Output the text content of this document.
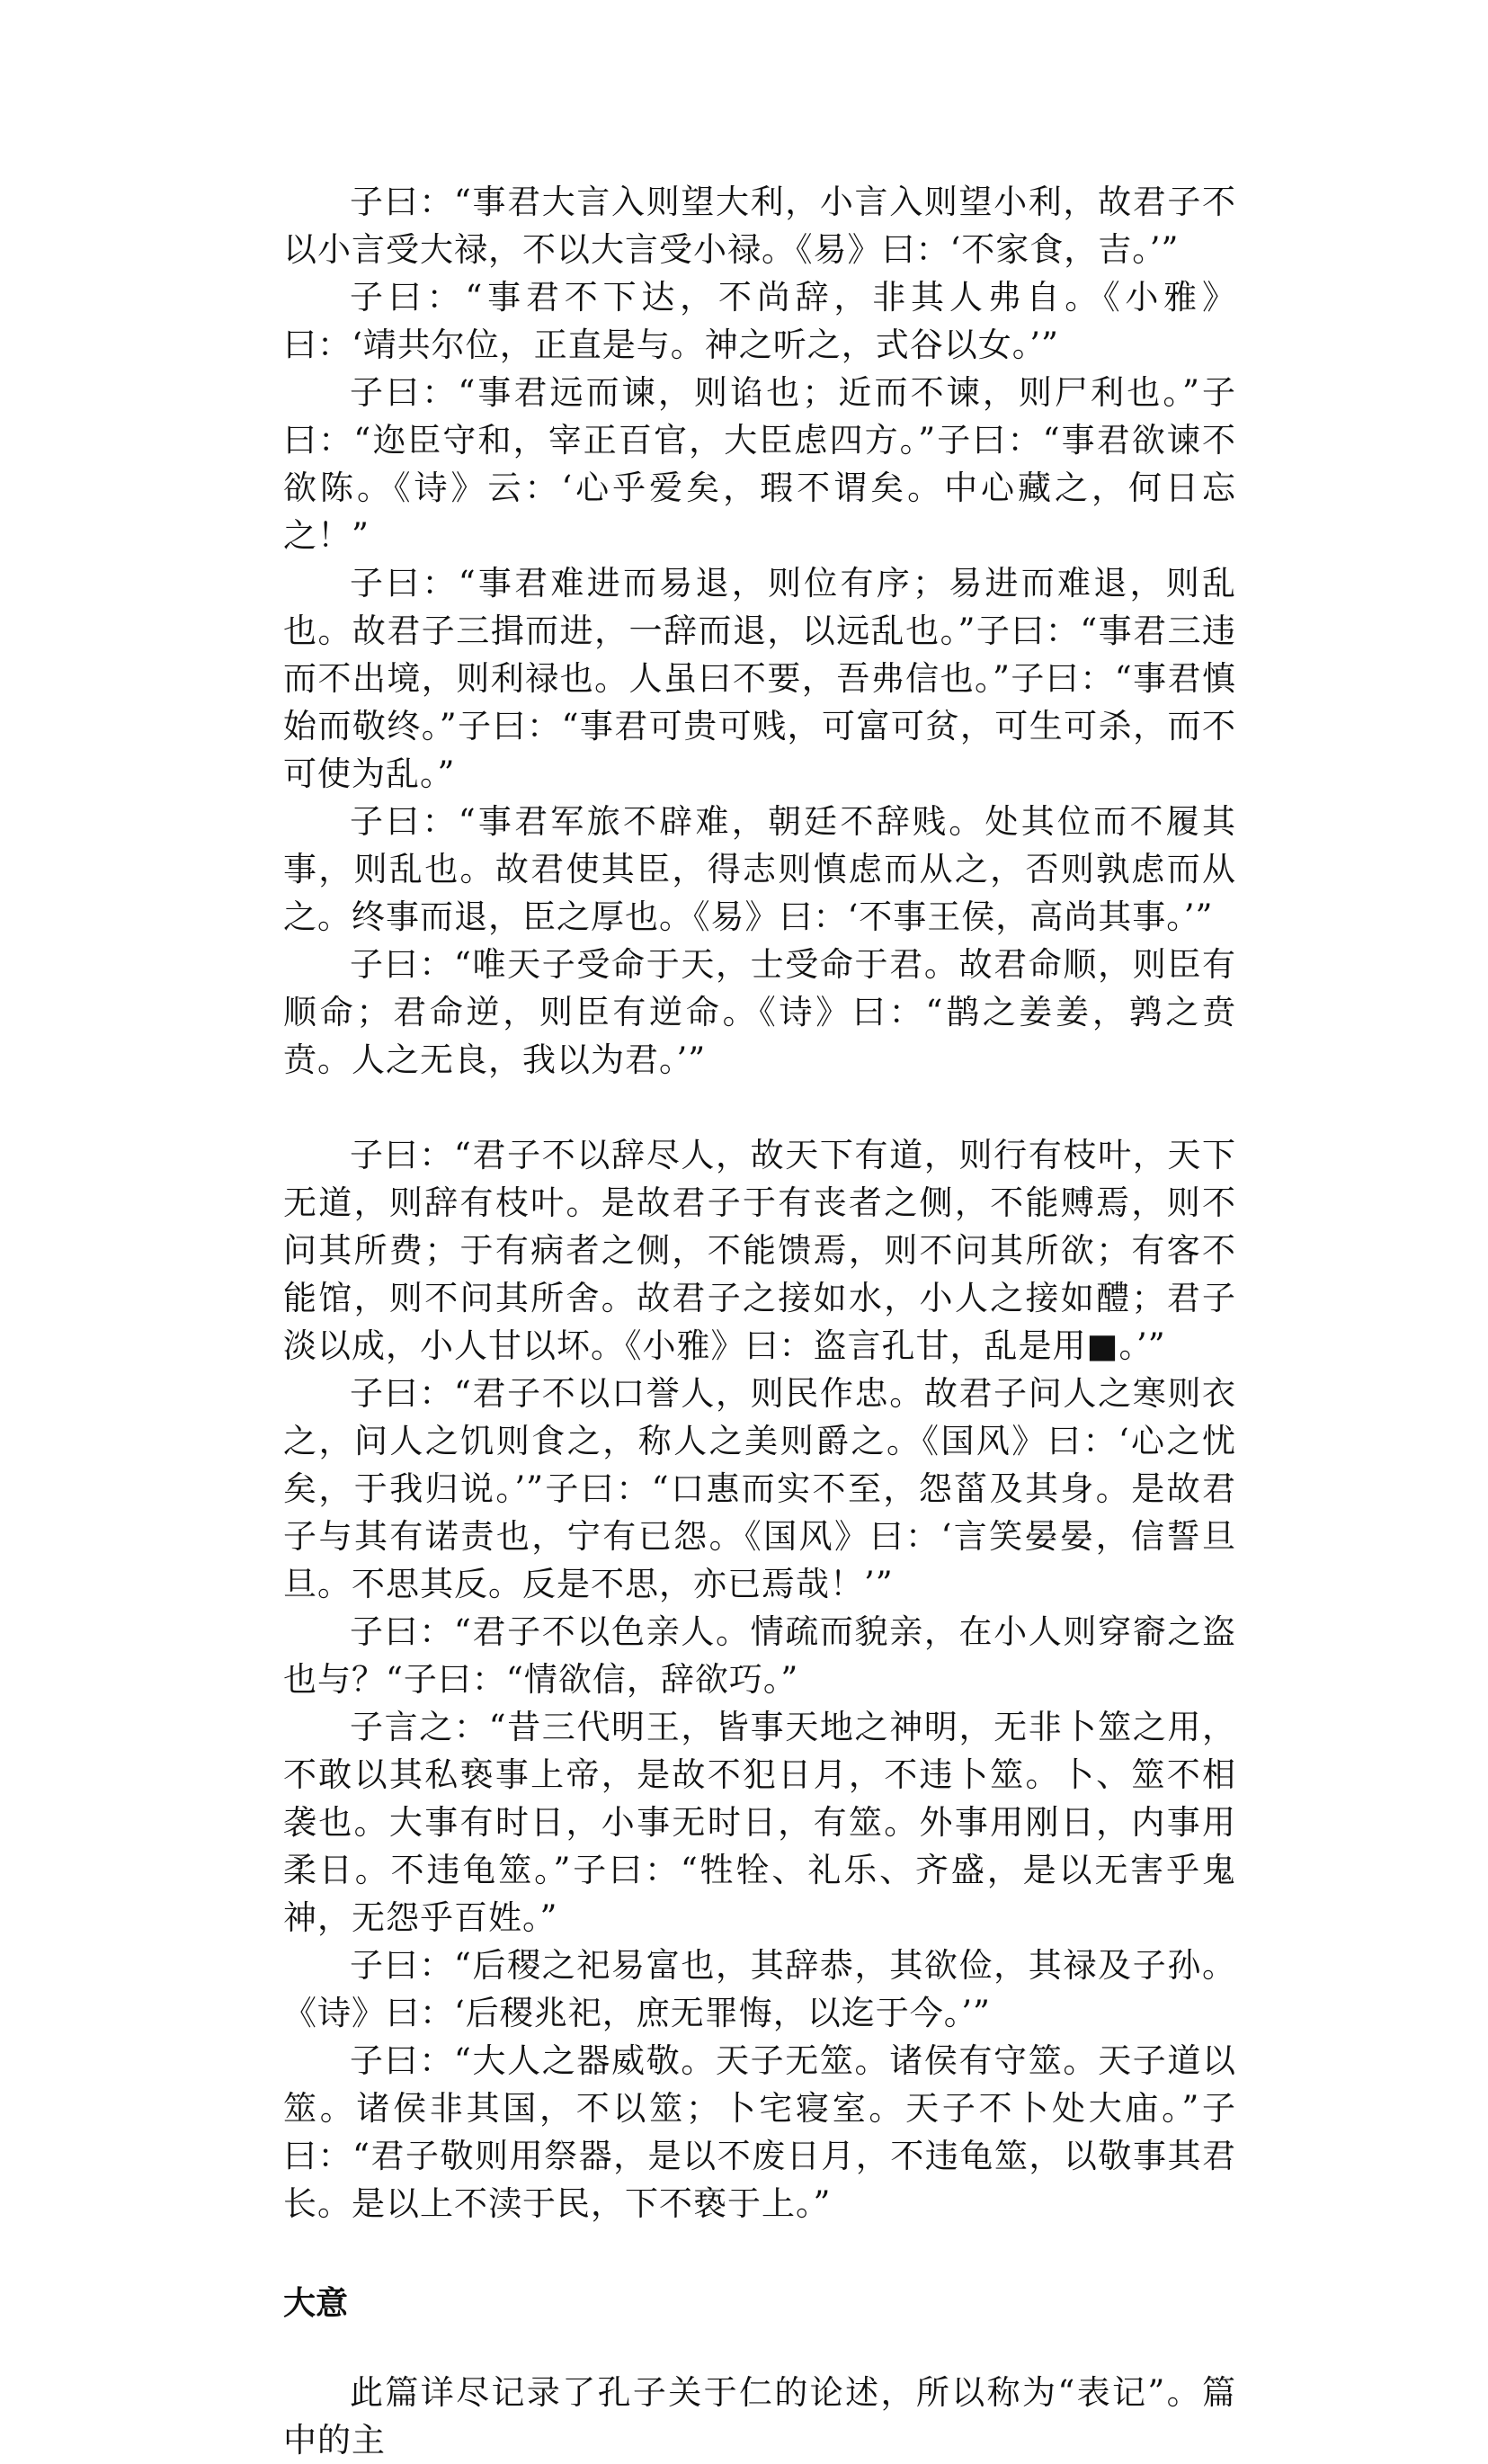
子曰：“事君大言入则望大利，小言入则望小利，故君子不以小言受大禄，不以大言受小禄。《易》曰：‘不家食，吉。’”

子曰：“事君不下达，不尚辞，非其人弗自。《小雅》曰：‘靖共尔位，正直是与。神之听之，式谷以女。’”

子曰：“事君远而谏，则谄也；近而不谏，则尸利也。”子曰：“迩臣守和，宰正百官，大臣虑四方。”子曰：“事君欲谏不欲陈。《诗》云：‘心乎爱矣，瑕不谓矣。中心藏之，何日忘之！”

子曰：“事君难进而易退，则位有序；易进而难退，则乱也。故君子三揖而进，一辞而退，以远乱也。”子曰：“事君三违而不出境，则利禄也。人虽曰不要，吾弗信也。”子曰：“事君慎始而敬终。”子曰：“事君可贵可贱，可富可贫，可生可杀，而不可使为乱。”

子曰：“事君军旅不辟难，朝廷不辞贱。处其位而不履其事，则乱也。故君使其臣，得志则慎虑而从之，否则孰虑而从之。终事而退，臣之厚也。《易》曰：‘不事王侯，高尚其事。’”

子曰：“唯天子受命于天，士受命于君。故君命顺，则臣有顺命；君命逆，则臣有逆命。《诗》曰：“鹊之姜姜，鹑之贲贲。人之无良，我以为君。’”

子曰：“君子不以辞尽人，故天下有道，则行有枝叶，天下无道，则辞有枝叶。是故君子于有丧者之侧，不能赙焉，则不问其所费；于有病者之侧，不能馈焉，则不问其所欲；有客不能馆，则不问其所舍。故君子之接如水，小人之接如醴；君子淡以成，小人甘以坏。《小雅》曰：盗言孔甘，乱是用■。’”

子曰：“君子不以口誉人，则民作忠。故君子问人之寒则衣之，问人之饥则食之，称人之美则爵之。《国风》曰：‘心之忧矣，于我归说。’”子曰：“口惠而实不至，怨菑及其身。是故君子与其有诺责也，宁有已怨。《国风》曰：‘言笑晏晏，信誓旦旦。不思其反。反是不思，亦已焉哉！’”

子曰：“君子不以色亲人。情疏而貌亲，在小人则穿窬之盗也与？“子曰：“情欲信，辞欲巧。”

子言之：“昔三代明王，皆事天地之神明，无非卜筮之用，不敢以其私亵事上帝，是故不犯日月，不违卜筮。卜、筮不相袭也。大事有时日，小事无时日，有筮。外事用刚日，内事用柔日。不违龟筮。”子曰：“牲牷、礼乐、齐盛，是以无害乎鬼神，无怨乎百姓。”

子曰：“后稷之祀易富也，其辞恭，其欲俭，其禄及子孙。《诗》曰：‘后稷兆祀，庶无罪悔，以迄于今。’”

子曰：“大人之器威敬。天子无筮。诸侯有守筮。天子道以筮。诸侯非其国，不以筮；卜宅寝室。天子不卜处大庙。”子曰：“君子敬则用祭器，是以不废日月，不违龟筮，以敬事其君长。是以上不渎于民，下不亵于上。”

大意

此篇详尽记录了孔子关于仁的论述，所以称为“表记”。篇中的主
